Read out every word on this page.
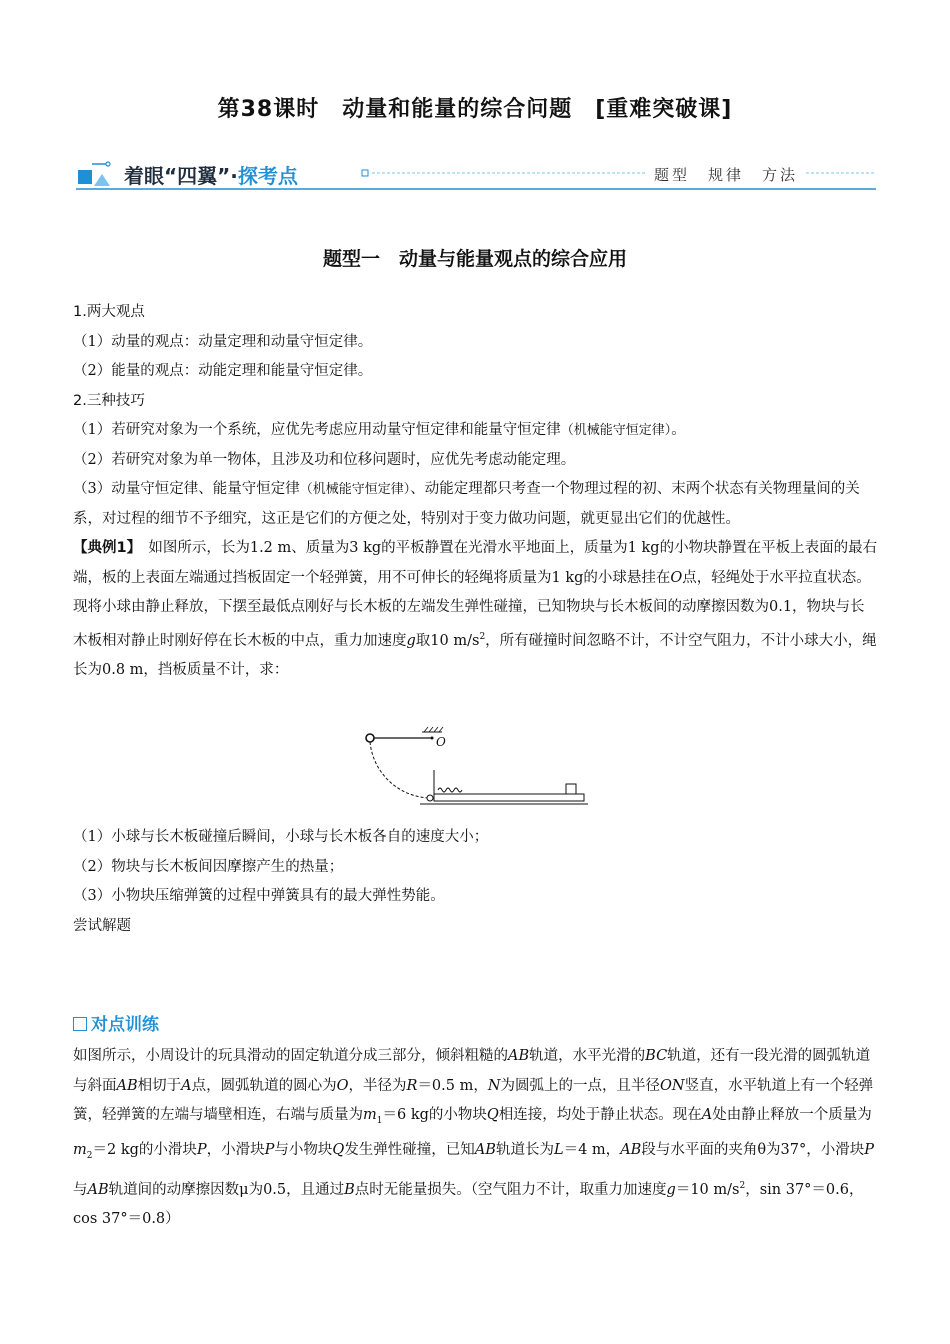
第38课时　动量和能量的综合问题　[重难突破课]
着眼“四翼”·探考点	题型　规律　方法
题型一　动量与能量观点的综合应用
1.两大观点
（1）动量的观点：动量定理和动量守恒定律。
（2）能量的观点：动能定理和能量守恒定律。
2.三种技巧
（1）若研究对象为一个系统，应优先考虑应用动量守恒定律和能量守恒定律（机械能守恒定律）。
（2）若研究对象为单一物体，且涉及功和位移问题时，应优先考虑动能定理。
（3）动量守恒定律、能量守恒定律（机械能守恒定律）、动能定理都只考查一个物理过程的初、末两个状态有关物理量间的关系，对过程的细节不予细究，这正是它们的方便之处，特别对于变力做功问题，就更显出它们的优越性。
【典例1】　如图所示，长为1.2 m、质量为3 kg的平板静置在光滑水平地面上，质量为1 kg的小物块静置在平板上表面的最右端，板的上表面左端通过挡板固定一个轻弹簧，用不可伸长的轻绳将质量为1 kg的小球悬挂在O点，轻绳处于水平拉直状态。现将小球由静止释放，下摆至最低点刚好与长木板的左端发生弹性碰撞，已知物块与长木板间的动摩擦因数为0.1，物块与长木板相对静止时刚好停在长木板的中点，重力加速度g取10 $m/s^2$，所有碰撞时间忽略不计，不计空气阻力，不计小球大小，绳长为0.8 m，挡板质量不计，求：
O
（1）小球与长木板碰撞后瞬间，小球与长木板各自的速度大小；
（2）物块与长木板间因摩擦产生的热量；
（3）小物块压缩弹簧的过程中弹簧具有的最大弹性势能。
尝试解题
对点训练
如图所示，小周设计的玩具滑动的固定轨道分成三部分，倾斜粗糙的AB轨道，水平光滑的BC轨道，还有一段光滑的圆弧轨道与斜面AB相切于A点，圆弧轨道的圆心为O，半径为R＝0.5 m，N为圆弧上的一点，且半径ON竖直，水平轨道上有一个轻弹簧，轻弹簧的左端与墙壁相连，右端与质量为$m_1=6$ kg的小物块Q相连接，均处于静止状态。现在A处由静止释放一个质量为$m_2=2$ kg的小滑块P，小滑块P与小物块Q发生弹性碰撞，已知AB轨道长为L＝4 m，AB段与水平面的夹角θ为37°，小滑块P与AB轨道间的动摩擦因数μ为0.5，且通过B点时无能量损失。（空气阻力不计，取重力加速度g＝10 $m/s^2$，sin 37°＝0.6，cos 37°＝0.8）
